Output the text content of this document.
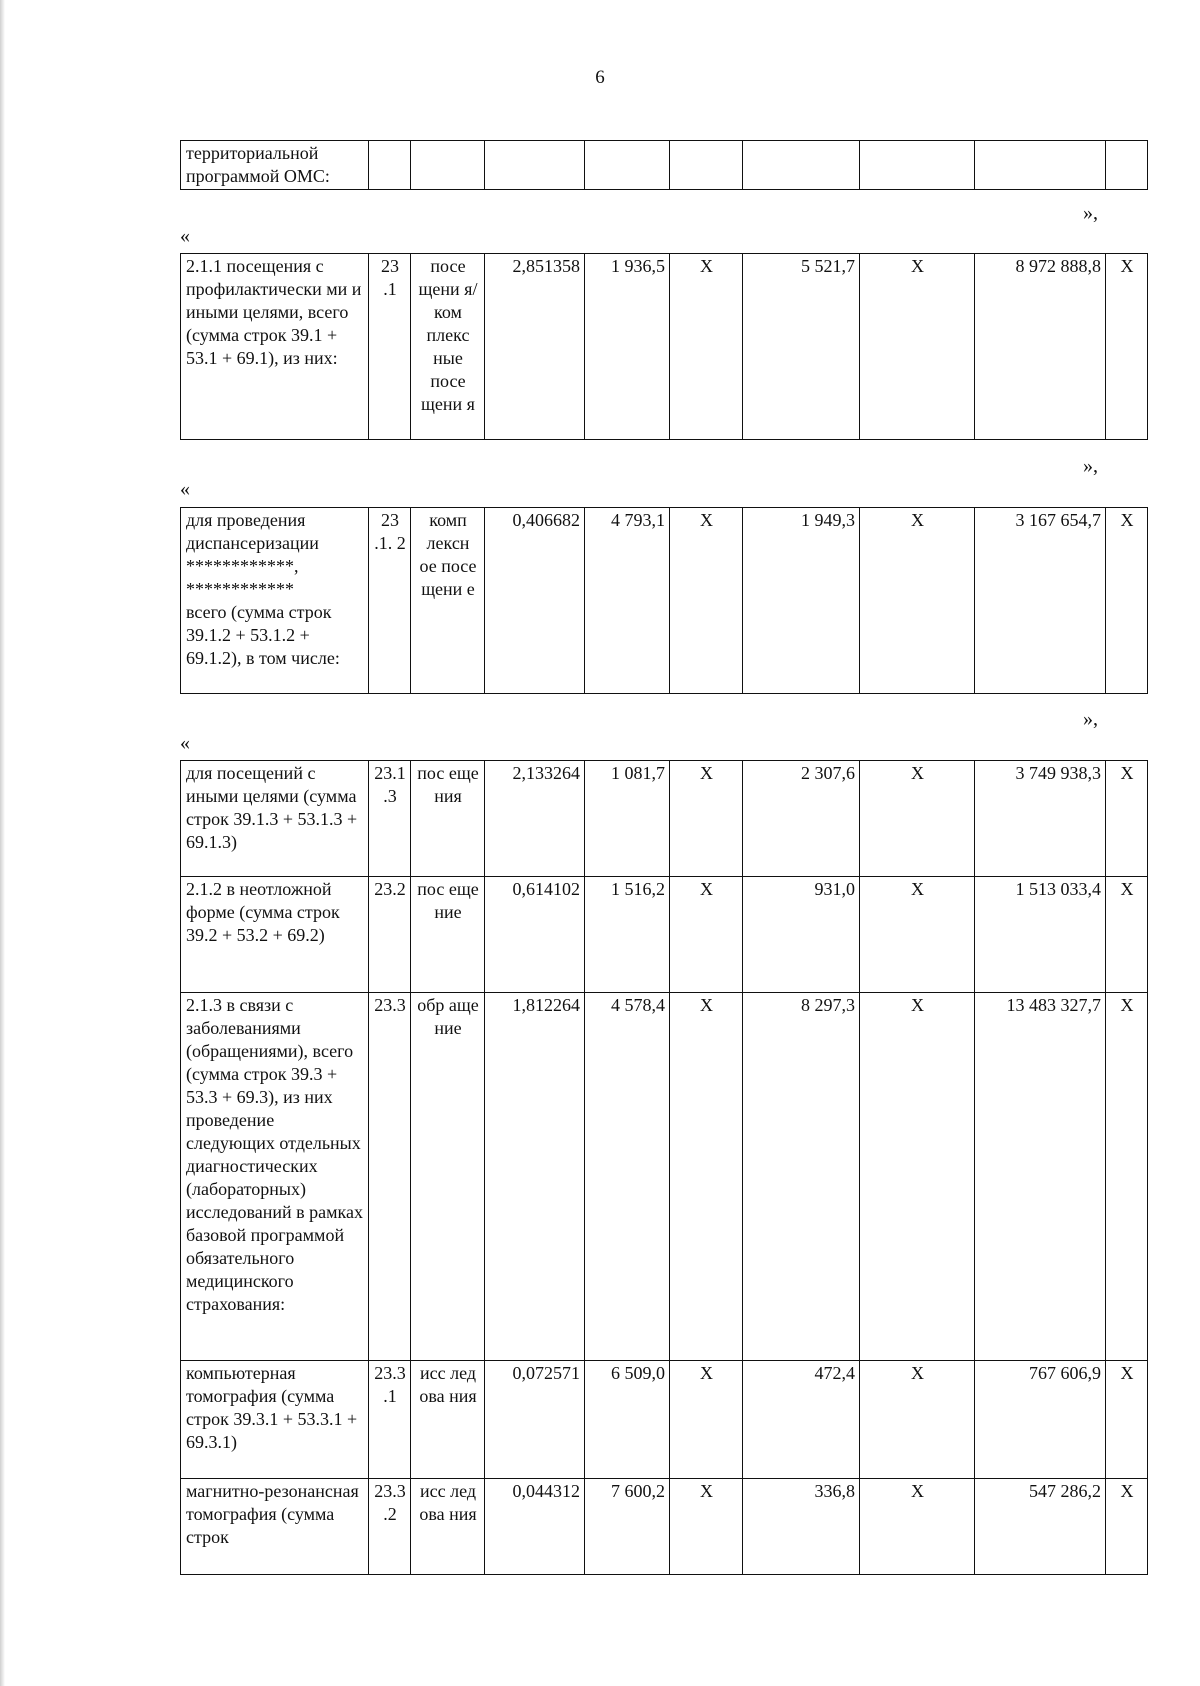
6
территориальной программой ОМС:									
»,
«
2.1.1 посещения с профилактически ми и иными целями, всего (сумма строк 39.1 + 53.1 + 69.1), из них:	23 .1	посе щени я/ком плекс ные посе щени я	2,851358	1 936,5	Х	5 521,7	Х	8 972 888,8	Х
»,
«
для проведения диспансеризации
************,
************
всего (сумма строк 39.1.2 + 53.1.2 + 69.1.2), в том числе:
	23 .1. 2	комп лексн ое посе щени е	0,406682	4 793,1	Х	1 949,3	Х	3 167 654,7	Х
»,
«
для посещений с иными целями (сумма строк 39.1.3 + 53.1.3 + 69.1.3)	23.1 .3	пос еще ния	2,133264	1 081,7	Х	2 307,6	Х	3 749 938,3	Х
2.1.2 в неотложной форме (сумма строк 39.2 + 53.2 + 69.2)	23.2	пос еще ние	0,614102	1 516,2	Х	931,0	Х	1 513 033,4	Х
2.1.3 в связи с заболеваниями (обращениями), всего (сумма строк 39.3 + 53.3 + 69.3), из них проведение следующих отдельных диагностических (лабораторных) исследований в рамках базовой программой обязательного медицинского страхования:	23.3	обр аще ние	1,812264	4 578,4	Х	8 297,3	Х	13 483 327,7	Х
компьютерная томография (сумма строк 39.3.1 + 53.3.1 + 69.3.1)	23.3 .1	исс лед ова ния	0,072571	6 509,0	Х	472,4	Х	767 606,9	Х
магнитно-резонансная томография (сумма строк	23.3 .2	исс лед ова ния	0,044312	7 600,2	Х	336,8	Х	547 286,2	Х
